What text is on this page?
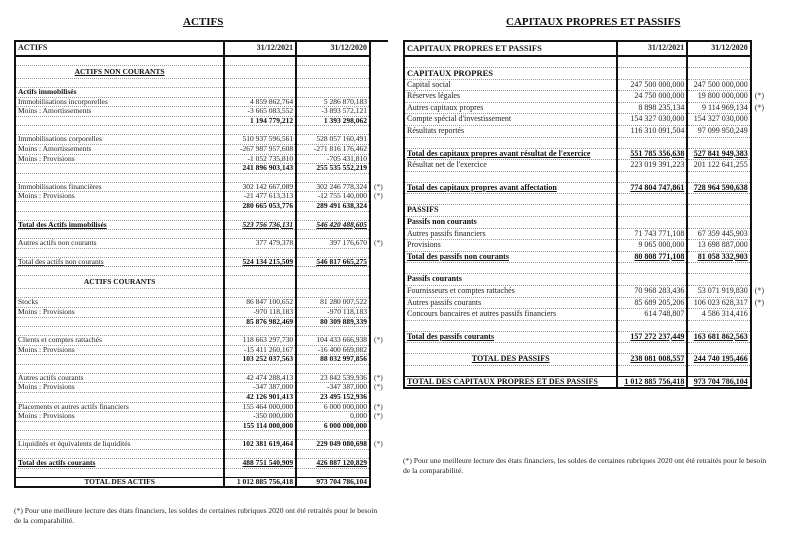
ACTIFS	CAPITAUX PROPRES ET PASSIFS
ACTIFS	31/12/2021	31/12/2020	

ACTIFS NON COURANTS			

Actifs immobilisés			
Immobilisations incorporelles	4 859 862,764	5 286 870,183	
Moins : Amortissements	-3 665 083,552	-3 893 572,121	
	1 194 779,212	1 393 298,062	

Immobilisations corporelles	510 937 596,561	528 057 160,491	
Moins : Amortissements	-267 987 957,608	-271 816 176,462	
Moins : Provisions	-1 052 735,810	-705 431,810	
	241 896 903,143	255 535 552,219	

Immobilisations financières	302 142 667,089	302 246 778,324	(*)
Moins : Provisions	-21 477 613,313	-12 755 140,000	(*)
	280 665 053,776	289 491 638,324	

Total des Actifs immobilisés	523 756 736,131	546 420 488,605	

Autres actifs non courants	377 479,378	397 176,670	(*)

Total des actifs non courants	524 134 215,509	546 817 665,275	

ACTIFS COURANTS			

Stocks	86 847 100,652	81 280 007,522	
Moins : Provisions	-970 118,183	-970 118,183	
	85 876 982,469	80 309 889,339	

Clients et comptes rattachés	118 663 297,730	104 433 666,938	(*)
Moins : Provisions	-15 411 260,167	-16 400 669,082	
	103 252 037,563	88 032 997,856	

Autres actifs courants	42 474 288,413	23 842 539,936	(*)
Moins : Provisions	-347 387,000	-347 387,000	(*)
	42 126 901,413	23 495 152,936	
Placements et autres actifs financiers	155 464 000,000	6 000 000,000	(*)
Moins : Provisions	-350 000,000	0,000	(*)
	155 114 000,000	6 000 000,000	

Liquidités et équivalents de liquidités	102 381 619,464	229 049 080,698	(*)

Total des actifs courants	488 751 540,909	426 887 120,829	

TOTAL DES ACTIFS	1 012 885 756,418	973 704 786,104	
(*) Pour une meilleure lecture des états financiers, les soldes de certaines rubriques 2020 ont été retraités pour le besoin de la comparabilité.
CAPITAUX PROPRES ET PASSIFS	31/12/2021	31/12/2020	

CAPITAUX PROPRES			
Capital social	247 500 000,000	247 500 000,000	
Réserves légales	24 750 000,000	19 800 000,000	(*)
Autres capitaux propres	8 898 235,134	9 114 969,134	(*)
Compte spécial d'investissement	154 327 030,000	154 327 030,000	
Résultats reportés	116 310 091,504	97 099 950,249	

Total des capitaux propres avant résultat de l'exercice	551 785 356,638	527 841 949,383	
Résultat net de l'exercice	223 019 391,223	201 122 641,255	

Total des capitaux propres avant affectation	774 804 747,861	728 964 590,638	

PASSIFS			
Passifs non courants			
Autres passifs financiers	71 743 771,108	67 359 445,903	
Provisions	9 065 000,000	13 698 887,000	
Total des passifs non courants	80 808 771,108	81 058 332,903	

Passifs courants			
Fournisseurs et comptes rattachés	70 968 283,436	53 071 919,830	(*)
Autres passifs courants	85 689 205,206	106 023 628,317	(*)
Concours bancaires et autres passifs financiers	614 748,807	4 586 314,416	

Total des passifs courants	157 272 237,449	163 681 862,563	

TOTAL DES PASSIFS	238 081 008,557	244 740 195,466	

TOTAL DES CAPITAUX PROPRES ET DES PASSIFS	1 012 885 756,418	973 704 786,104	
(*) Pour une meilleure lecture des états financiers, les soldes de certaines rubriques 2020 ont été retraités pour le besoin de la comparabilité.
